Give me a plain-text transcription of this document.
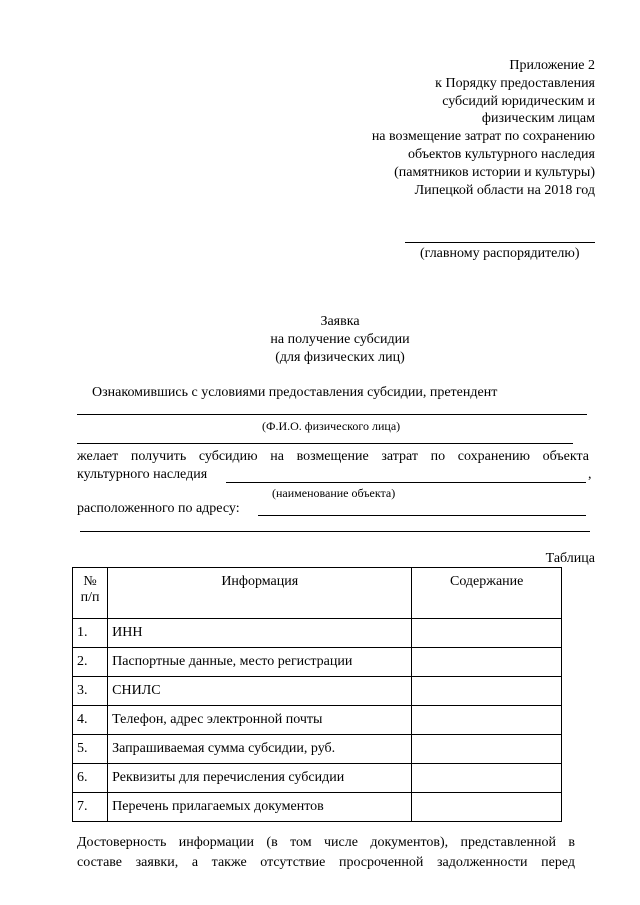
Приложение 2
к Порядку предоставления
субсидий юридическим и
физическим лицам
на возмещение затрат по сохранению
объектов культурного наследия
(памятников истории и культуры)
Липецкой области на 2018 год
(главному распорядителю)
Заявка
на получение субсидии
(для физических лиц)
Ознакомившись с условиями предоставления субсидии, претендент
(Ф.И.О. физического лица)
желает получить субсидию на возмещение затрат по сохранению объекта
культурного наследия	,
(наименование объекта)
расположенного по адресу:
Таблица
№ п/п	Информация	Содержание
1.	ИНН	
2.	Паспортные данные, место регистрации	
3.	СНИЛС	
4.	Телефон, адрес электронной почты	
5.	Запрашиваемая сумма субсидии, руб.	
6.	Реквизиты для перечисления субсидии	
7.	Перечень прилагаемых документов	
Достоверность информации (в том числе документов), представленной в
составе заявки, а также отсутствие просроченной задолженности перед
